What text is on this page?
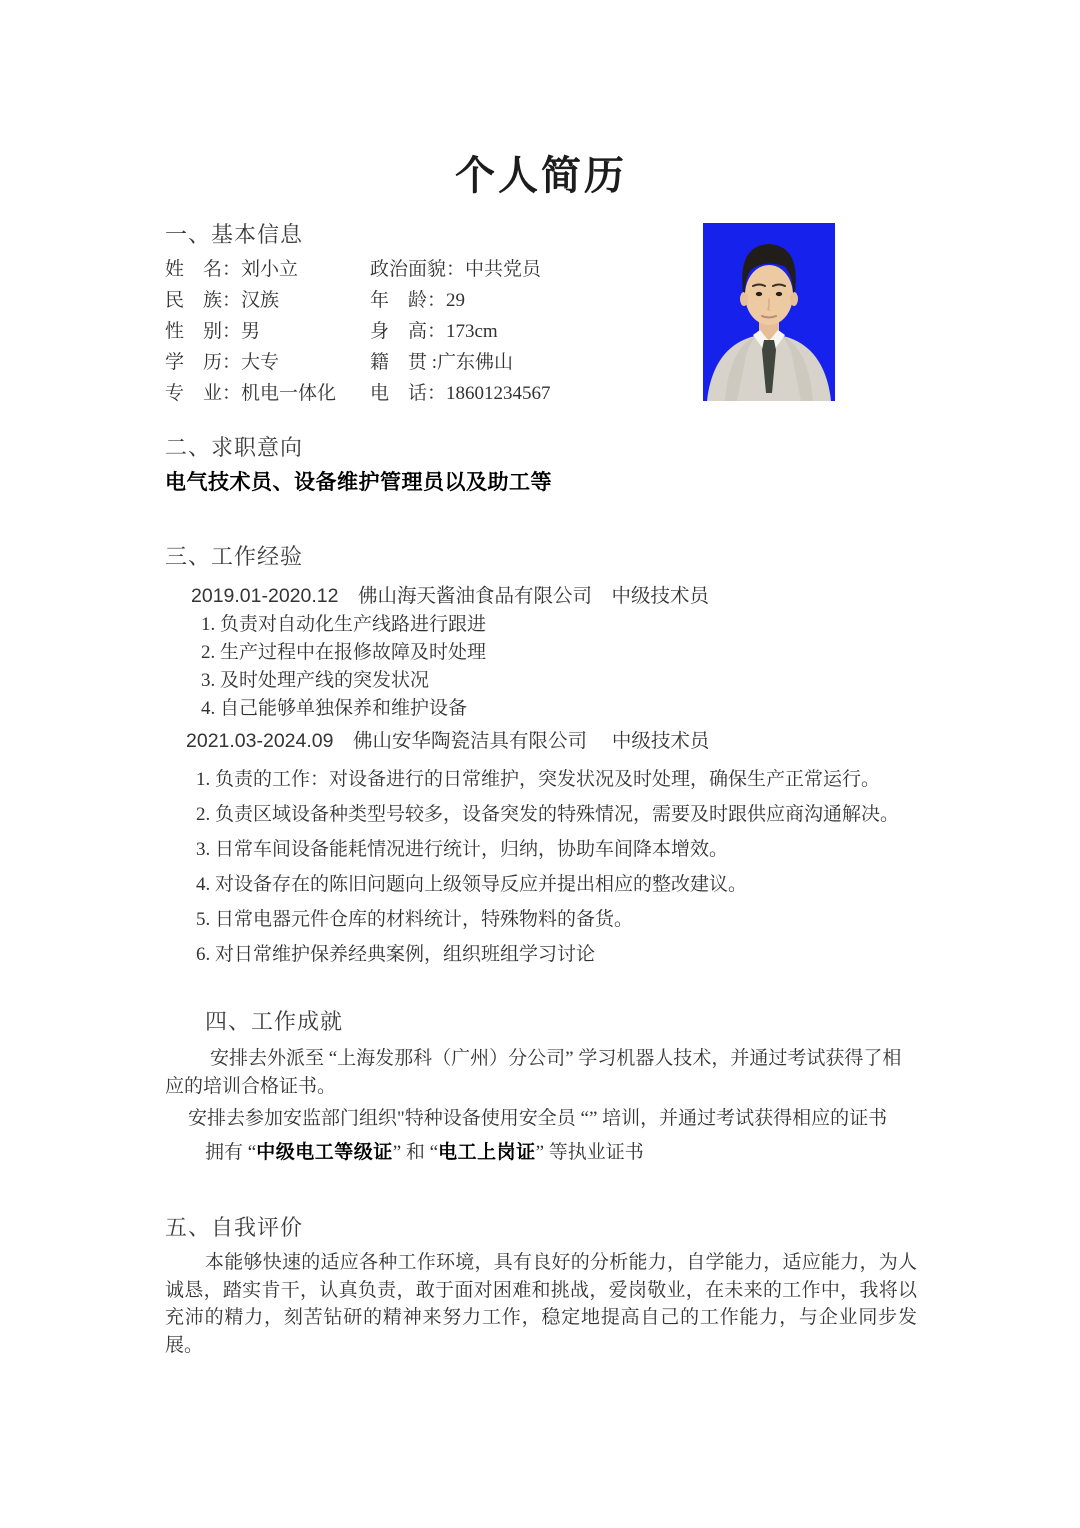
个人简历
一、基本信息
姓　名：刘小立	政治面貌：中共党员
民　族：汉族	年　龄：29
性　别：男	身　高：173cm
学　历：大专	籍　贯 :广东佛山
专　业：机电一体化	电　话：18601234567
二、求职意向
电气技术员、设备维护管理员以及助工等
三、工作经验
2019.01-2020.12　佛山海天酱油食品有限公司　中级技术员
1. 负责对自动化生产线路进行跟进
2. 生产过程中在报修故障及时处理
3. 及时处理产线的突发状况
4. 自己能够单独保养和维护设备
2021.03-2024.09　佛山安华陶瓷洁具有限公司　 中级技术员
1. 负责的工作：对设备进行的日常维护，突发状况及时处理，确保生产正常运行。
2. 负责区域设备种类型号较多，设备突发的特殊情况，需要及时跟供应商沟通解决。
3. 日常车间设备能耗情况进行统计，归纳，协助车间降本增效。
4. 对设备存在的陈旧问题向上级领导反应并提出相应的整改建议。
5. 日常电器元件仓库的材料统计，特殊物料的备货。
6. 对日常维护保养经典案例，组织班组学习讨论
四、工作成就

安排去外派至 “上海发那科（广州）分公司” 学习机器人技术，并通过考试获得了相应的培训合格证书。

安排去参加安监部门组织"特种设备使用安全员 “” 培训，并通过考试获得相应的证书

拥有 “中级电工等级证” 和 “电工上岗证” 等执业证书

五、自我评价

本能够快速的适应各种工作环境，具有良好的分析能力，自学能力，适应能力，为人诚恳，踏实肯干，认真负责，敢于面对困难和挑战，爱岗敬业，在未来的工作中，我将以充沛的精力，刻苦钻研的精神来努力工作，稳定地提高自己的工作能力，与企业同步发展。
